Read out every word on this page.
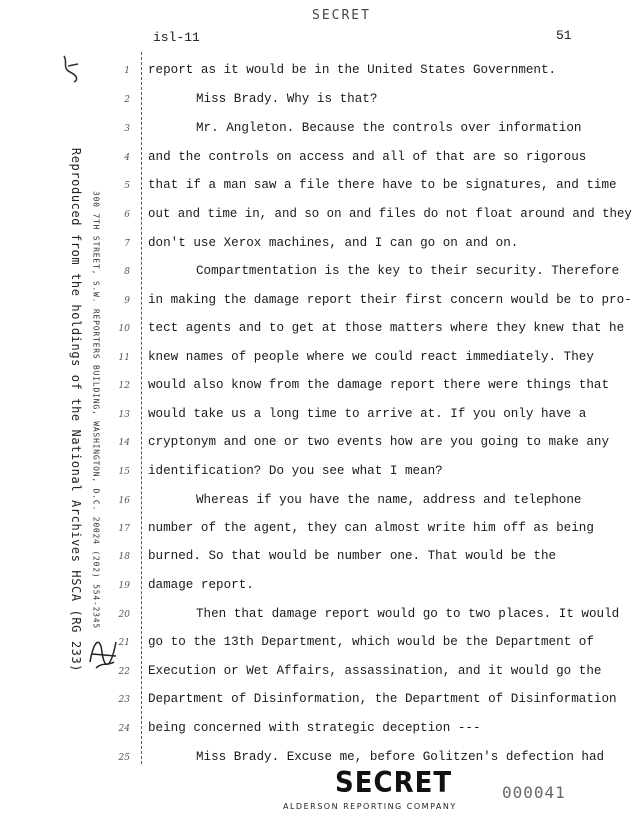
SECRET
isl-11	51
Reproduced from the holdings of the National Archives HSCA (RG 233) 300 7TH STREET, S.W. REPORTERS BUILDING, WASHINGTON, D.C. 20024 (202) 554-2345
1 report as it would be in the United States Government.
2	Miss Brady. Why is that?
3	Mr. Angleton. Because the controls over information
4 and the controls on access and all of that are so rigorous
5 that if a man saw a file there have to be signatures, and time
6 out and time in, and so on and files do not float around and they
7 don't use Xerox machines, and I can go on and on.
8	Compartmentation is the key to their security. Therefore
9 in making the damage report their first concern would be to pro-
10 tect agents and to get at those matters where they knew that he
11 knew names of people where we could react immediately. They
12 would also know from the damage report there were things that
13 would take us a long time to arrive at. If you only have a
14 cryptonym and one or two events how are you going to make any
15 identification? Do you see what I mean?
16	Whereas if you have the name, address and telephone
17 number of the agent, they can almost write him off as being
18 burned. So that would be number one. That would be the
19 damage report.
20	Then that damage report would go to two places. It would
21 go to the 13th Department, which would be the Department of
22 Execution or Wet Affairs, assassination, and it would go the
23 Department of Disinformation, the Department of Disinformation
24 being concerned with strategic deception ---
25	Miss Brady. Excuse me, before Golitzen's defection had
SECRET
ALDERSON REPORTING COMPANY
000041
